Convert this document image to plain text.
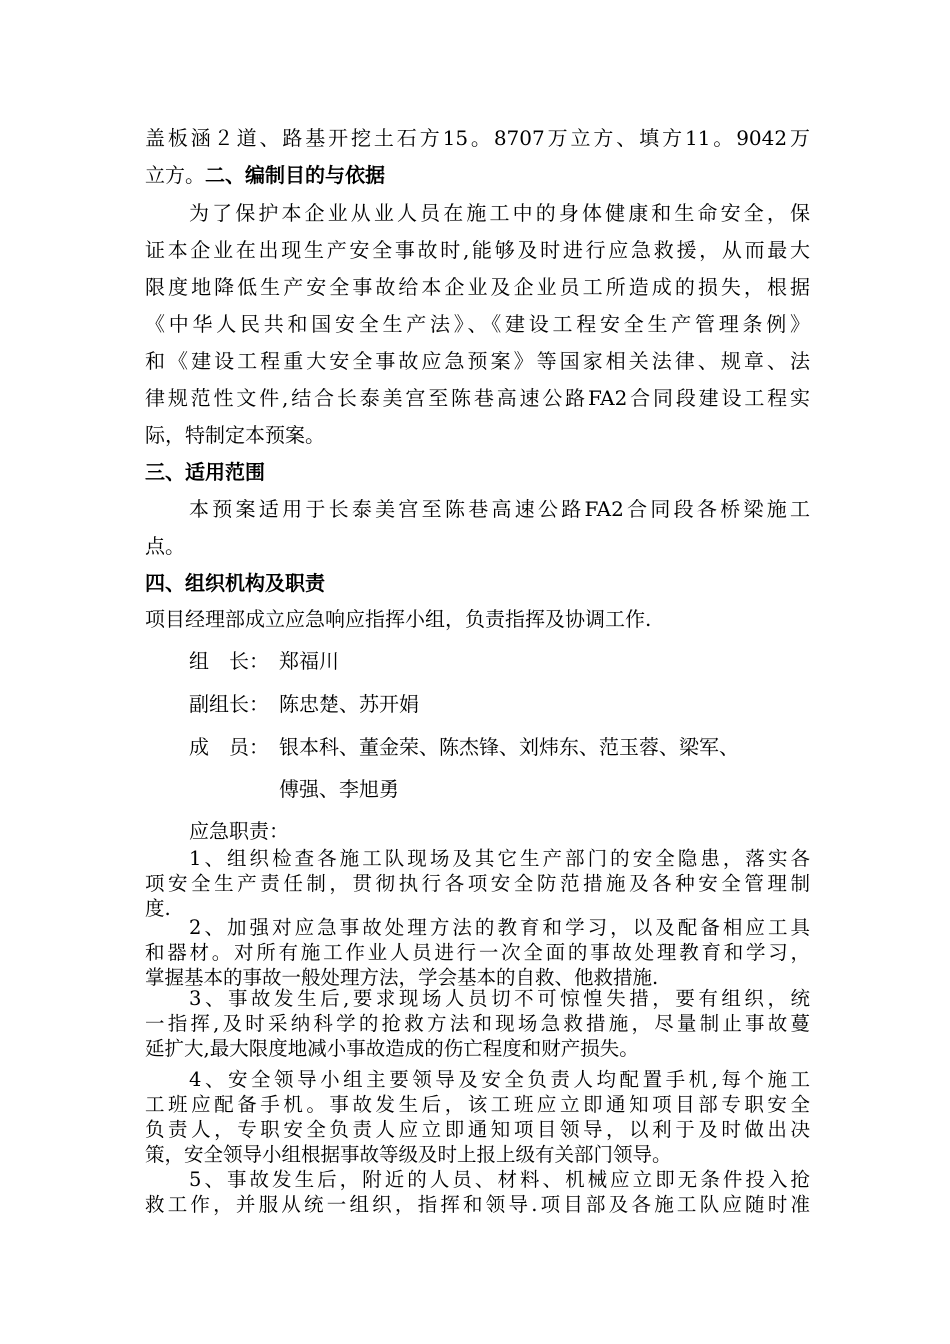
盖板涵２道、路基开挖土石方15。8707万立方、填方11。9042万
立方。二、编制目的与依据
为了保护本企业从业人员在施工中的身体健康和生命安全，保
证本企业在出现生产安全事故时,能够及时进行应急救援，从而最大
限度地降低生产安全事故给本企业及企业员工所造成的损失，根据
《中华人民共和国安全生产法》、《建设工程安全生产管理条例》
和《建设工程重大安全事故应急预案》等国家相关法律、规章、法
律规范性文件,结合长泰美宫至陈巷高速公路FA2合同段建设工程实
际，特制定本预案。
三、适用范围
本预案适用于长泰美宫至陈巷高速公路FA2合同段各桥梁施工
点。
四、组织机构及职责
项目经理部成立应急响应指挥小组，负责指挥及协调工作.
组　长： 郑福川
副组长： 陈忠楚、苏开娟
成　员： 银本科、董金荣、陈杰锋、刘炜东、范玉蓉、梁军、
傅强、李旭勇
应急职责：
1、组织检查各施工队现场及其它生产部门的安全隐患，落实各
项安全生产责任制，贯彻执行各项安全防范措施及各种安全管理制
度.
2、加强对应急事故处理方法的教育和学习，以及配备相应工具
和器材。对所有施工作业人员进行一次全面的事故处理教育和学习，
掌握基本的事故一般处理方法，学会基本的自救、他救措施.
3、事故发生后,要求现场人员切不可惊惶失措，要有组织，统
一指挥,及时采纳科学的抢救方法和现场急救措施，尽量制止事故蔓
延扩大,最大限度地减小事故造成的伤亡程度和财产损失。
4、安全领导小组主要领导及安全负责人均配置手机,每个施工
工班应配备手机。事故发生后，该工班应立即通知项目部专职安全
负责人，专职安全负责人应立即通知项目领导，以利于及时做出决
策，安全领导小组根据事故等级及时上报上级有关部门领导。
5、事故发生后，附近的人员、材料、机械应立即无条件投入抢
救工作，并服从统一组织，指挥和领导.项目部及各施工队应随时准
